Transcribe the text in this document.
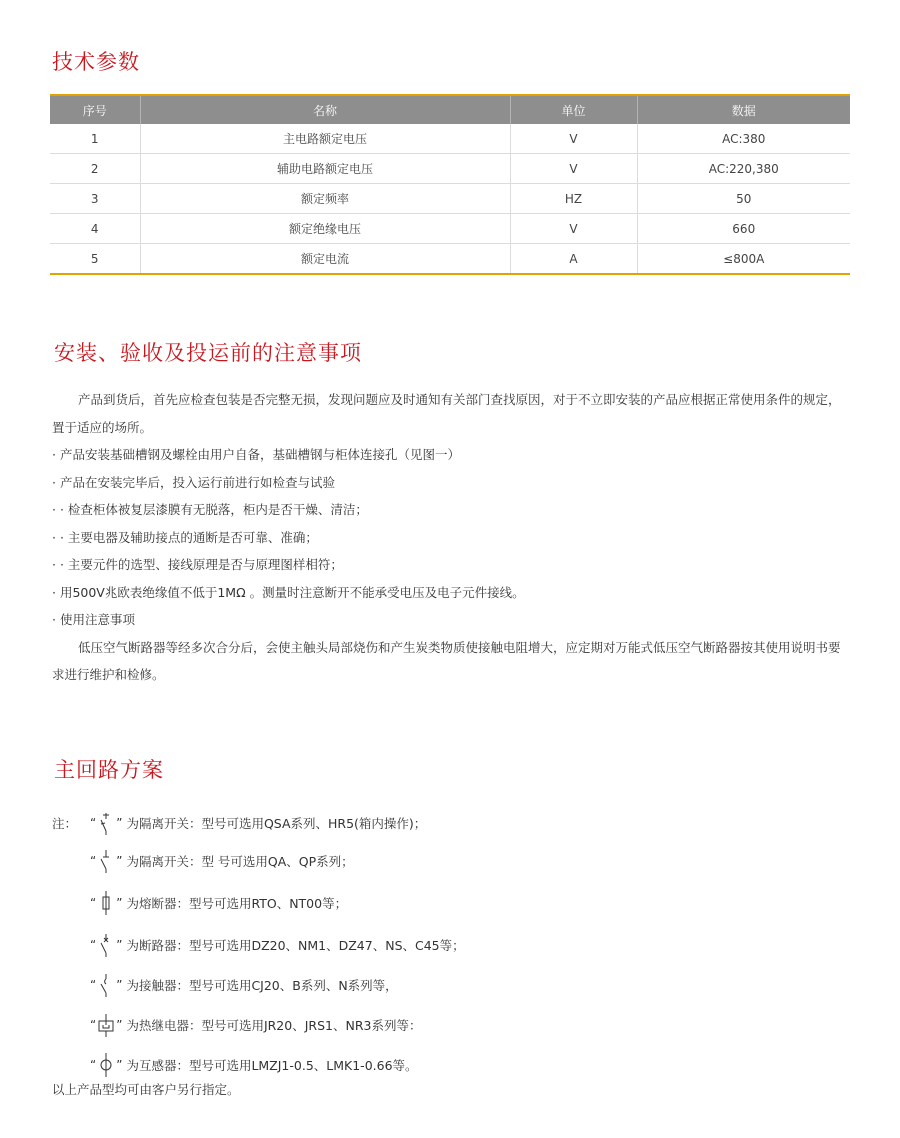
技术参数
序号	名称	单位	数据
1	主电路额定电压	V	AC:380
2	辅助电路额定电压	V	AC:220,380
3	额定频率	HZ	50
4	额定绝缘电压	V	660
5	额定电流	A	≤800A
安装、验收及投运前的注意事项

产品到货后，首先应检查包装是否完整无损，发现问题应及时通知有关部门查找原因，对于不立即安装的产品应根据正常使用条件的规定，置于适应的场所。

· 产品安装基础槽钢及螺栓由用户自备，基础槽钢与柜体连接孔（见图一）

· 产品在安装完毕后，投入运行前进行如检查与试验

· · 检查柜体被复层漆膜有无脱落，柜内是否干燥、清洁；

· · 主要电器及辅助接点的通断是否可靠、准确；

· · 主要元件的选型、接线原理是否与原理图样相符；

· 用500V兆欧表绝缘值不低于1MΩ 。测量时注意断开不能承受电压及电子元件接线。

· 使用注意事项

低压空气断路器等经多次合分后，会使主触头局部烧伤和产生炭类物质使接触电阻增大，应定期对万能式低压空气断路器按其使用说明书要求进行维护和检修。

主回路方案
注：	“ ” 为隔离开关：型号可选用QSA系列、HR5(箱内操作)；
“ ” 为隔离开关：型 号可选用QA、QP系列；
“ ” 为熔断器：型号可选用RTO、NT00等；
“ ” 为断路器：型号可选用DZ20、NM1、DZ47、NS、C45等；
“ ” 为接触器：型号可选用CJ20、B系列、N系列等，
“ ” 为热继电器：型号可选用JR20、JRS1、NR3系列等：
“ ” 为互感器：型号可选用LMZJ1-0.5、LMK1-0.66等。
以上产品型均可由客户另行指定。
